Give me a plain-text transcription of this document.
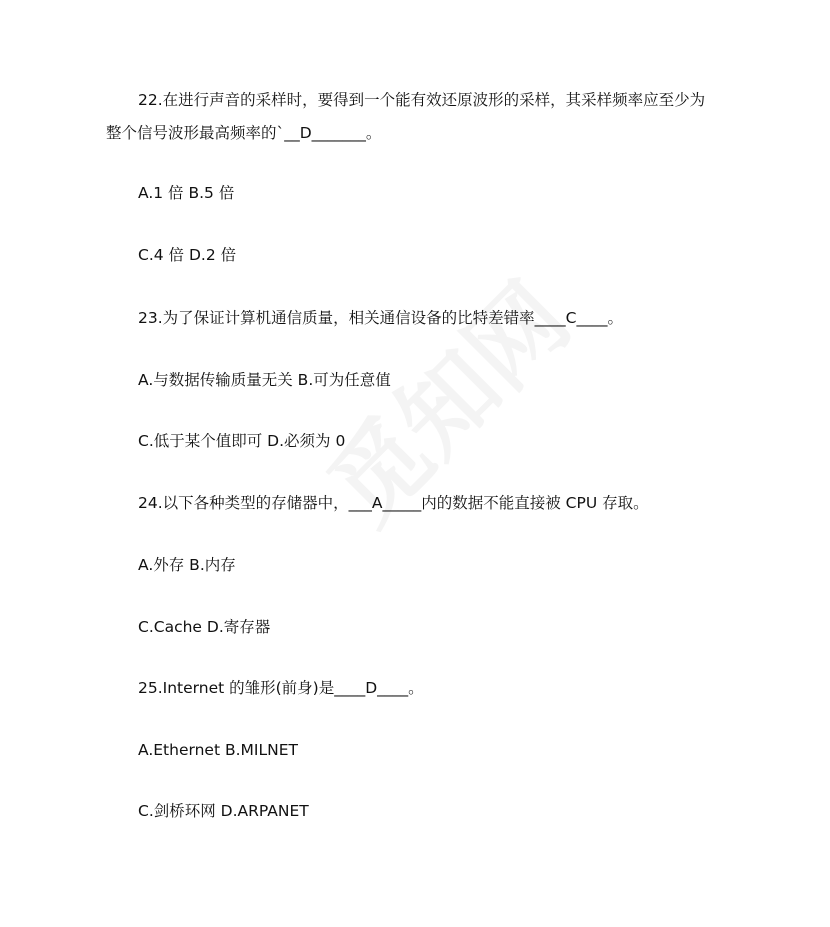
22.在进行声音的采样时，要得到一个能有效还原波形的采样，其采样频率应至少为
整个信号波形最高频率的`__D_______。
A.1 倍 B.5 倍
C.4 倍 D.2 倍
23.为了保证计算机通信质量，相关通信设备的比特差错率____C____。
A.与数据传输质量无关 B.可为任意值
C.低于某个值即可 D.必须为 0
24.以下各种类型的存储器中，___A_____内的数据不能直接被 CPU 存取。
A.外存 B.内存
C.Cache D.寄存器
25.Internet 的雏形(前身)是____D____。
A.Ethernet B.MILNET
C.剑桥环网 D.ARPANET
